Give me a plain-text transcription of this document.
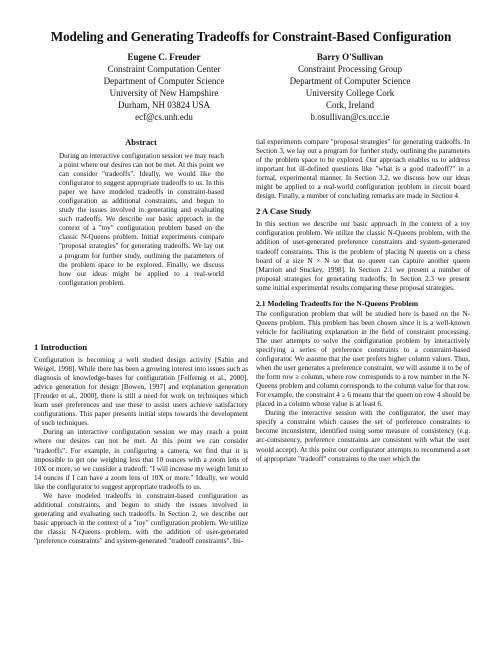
Modeling and Generating Tradeoffs for Constraint-Based Configuration
Eugene C. Freuder
Constraint Computation Center
Department of Computer Science
University of New Hampshire
Durham, NH 03824 USA
ecf@cs.unh.edu
Barry O'Sullivan
Constraint Processing Group
Department of Computer Science
University College Cork
Cork, Ireland
b.osullivan@cs.ucc.ie
Abstract
During an interactive configuration session we may reach a point where our desires can not be met. At this point we can consider "tradeoffs". Ideally, we would like the configurator to suggest appropriate tradeoffs to us. In this paper we have modeled tradeoffs in constraint-based configuration as additional constraints, and begun to study the issues involved in generating and evaluating such tradeoffs. We describe our basic approach in the context of a "toy" configuration problem based on the classic N-Queens problem. Initial experiments compare "proposal strategies" for generating tradeoffs. We lay out a program for further study, outlining the parameters of the problem space to be explored. Finally, we discuss how our ideas might be applied to a real-world configuration problem.
1 Introduction

Configuration is becoming a well studied design activity [Sabin and Weigel, 1998]. While there has been a growing interest into issues such as diagnosis of knowledge-bases for configuration [Felfernig et al., 2000], advice generation for design [Bowen, 1997] and explanation generation [Freuder et al., 2000], there is still a need for work on techniques which learn user preferences and use these to assist users achieve satisfactory configurations. This paper presents initial steps towards the development of such techniques.

During an interactive configuration session we may reach a point where our desires can not be met. At this point we can consider "tradeoffs". For example, in configuring a camera, we find that it is impossible to get one weighing less that 10 ounces with a zoom lens of 10X or more, so we consider a tradeoff: "I will increase my weight limit to 14 ounces if I can have a zoom lens of 10X or more." Ideally, we would like the configurator to suggest appropriate tradeoffs to us.

We have modeled tradeoffs in constraint-based configuration as additional constraints, and begun to study the issues involved in generating and evaluating such tradeoffs. In Section 2, we describe our basic approach in the context of a "toy" configuration problem. We utilize the classic N-Queens problem, with the addition of user-generated "preference constraints" and system-generated "tradeoff constraints". Ini-

tial experiments compare "proposal strategies" for generating tradeoffs. In Section 3, we lay out a program for further study, outlining the parameters of the problem space to be explored. Our approach enables us to address important but ill-defined questions like "what is a good tradeoff?" in a formal, experimental manner. In Section 3.2, we discuss how our ideas might be applied to a real-world configuration problem in circuit board design. Finally, a number of concluding remarks are made in Section 4.

2 A Case Study

In this section we describe our basic approach in the context of a toy configuration problem. We utilize the classic N-Queens problem, with the addition of user-generated preference constraints and system-generated tradeoff constraints. This is the problem of placing N queens on a chess board of a size N × N so that no queen can capture another queen [Marriott and Stuckey, 1998]. In Section 2.1 we present a number of proposal strategies for generating tradeoffs. In Section 2.3 we present some initial experimental results comparing these proposal strategies.

2.1 Modeling Tradeoffs for the N-Queens Problem

The configuration problem that will be studied here is based on the N-Queens problem. This problem has been chosen since it is a well-known vehicle for facilitating explanation in the field of constraint processing. The user attempts to solve the configuration problem by interactively specifying a series of preference constraints to a constraint-based configurator. We assume that the user prefers higher column values. Thus, when the user generates a preference constraint, we will assume it to be of the form row ≥ column, where row corresponds to a row number in the N-Queens problem and column corresponds to the column value for that row. For example, the constraint 4 ≥ 6 means that the queen on row 4 should be placed in a column whose value is at least 6.

During the interactive session with the configurator, the user may specify a constraint which causes the set of preference constraints to become inconsistent, identified using some measure of consistency (e.g. arc-consistency, preference constraints are consistent with what the user would accept). At this point our configurator attempts to recommend a set of appropriate "tradeoff" constraints to the user which the
